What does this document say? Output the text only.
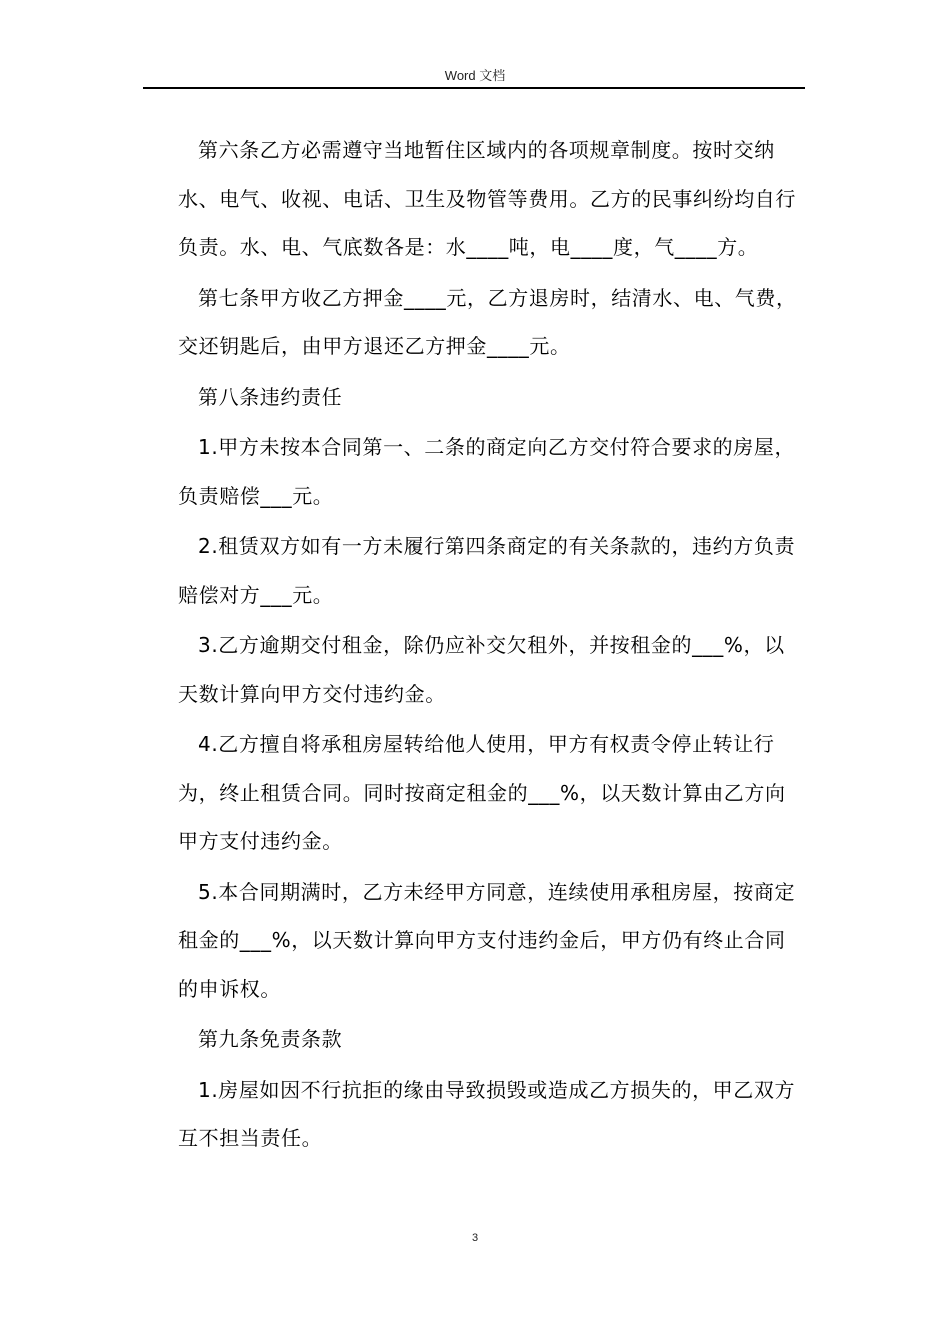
Word 文档

第六条乙方必需遵守当地暂住区域内的各项规章制度。按时交纳水、电气、收视、电话、卫生及物管等费用。乙方的民事纠纷均自行负责。水、电、气底数各是：水____吨，电____度，气____方。

第七条甲方收乙方押金____元，乙方退房时，结清水、电、气费，交还钥匙后，由甲方退还乙方押金____元。

第八条违约责任

1.甲方未按本合同第一、二条的商定向乙方交付符合要求的房屋，负责赔偿___元。

2.租赁双方如有一方未履行第四条商定的有关条款的，违约方负责赔偿对方___元。

3.乙方逾期交付租金，除仍应补交欠租外，并按租金的___%，以天数计算向甲方交付违约金。

4.乙方擅自将承租房屋转给他人使用，甲方有权责令停止转让行为，终止租赁合同。同时按商定租金的___%，以天数计算由乙方向甲方支付违约金。

5.本合同期满时，乙方未经甲方同意，连续使用承租房屋，按商定租金的___%，以天数计算向甲方支付违约金后，甲方仍有终止合同的申诉权。

第九条免责条款

1.房屋如因不行抗拒的缘由导致损毁或造成乙方损失的，甲乙双方互不担当责任。

3
